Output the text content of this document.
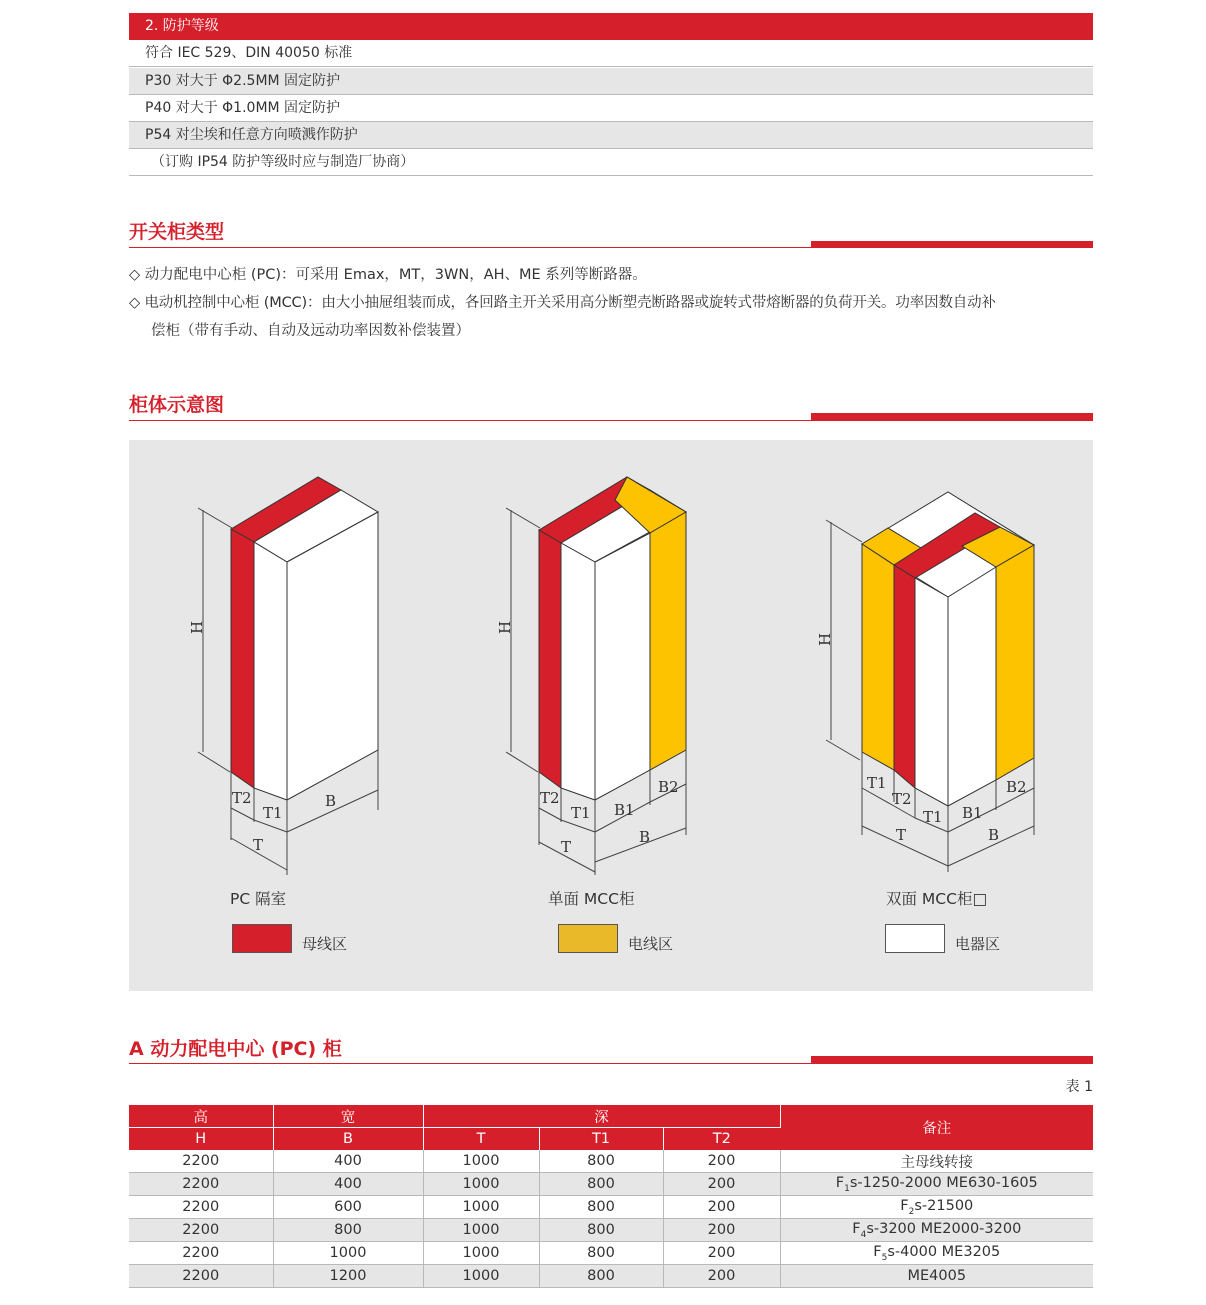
2. 防护等级
符合 IEC 529、DIN 40050 标准
P30 对大于 Φ2.5MM 固定防护
P40 对大于 Φ1.0MM 固定防护
P54 对尘埃和任意方向喷溅作防护
（订购 IP54 防护等级时应与制造厂协商）
开关柜类型
◇ 动力配电中心柜 (PC)：可采用 Emax，MT，3WN，AH、ME 系列等断路器。
◇ 电动机控制中心柜 (MCC)：由大小抽屉组装而成，各回路主开关采用高分断塑壳断路器或旋转式带熔断器的负荷开关。功率因数自动补
偿柜（带有手动、自动及远动功率因数补偿装置）
柜体示意图
H
T2
T1
B
T
H
T2
T1 B1
B2
B
T
H
T1
T2
T1 B1
B2
B
T
PC 隔室	单面 MCC柜	双面 MCC柜□
母线区	电线区	电器区
A 动力配电中心 (PC) 柜
表 1
高	宽	深			备注
H	B	T	T1	T2	
2200	400	1000	800	200	主母线转接
2200	400	1000	800	200	$F_1s-1250-2000$ ME630-1605
2200	600	1000	800	200	$F_2s-21500$
2200	800	1000	800	200	$F_4s-3200$ ME2000-3200
2200	1000	1000	800	200	$F_5s-4000$ ME3205
2200	1200	1000	800	200	ME4005
